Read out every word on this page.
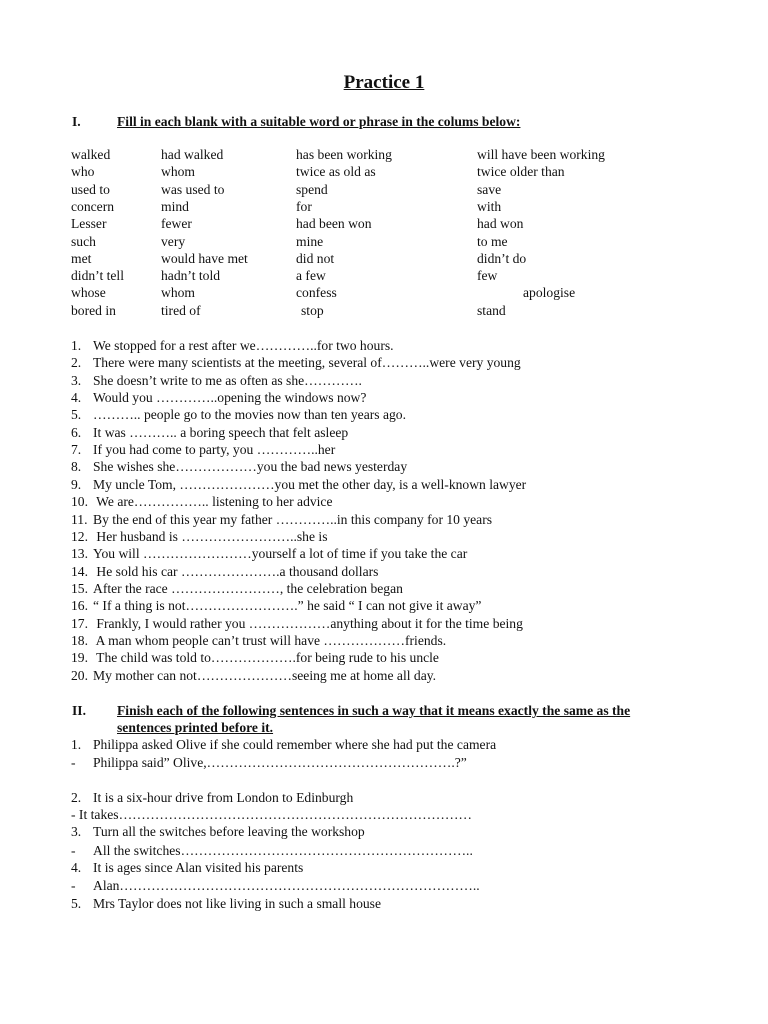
Practice 1
I.	Fill in each blank with a suitable word or phrase in the colums below:
walked	had walked	has been working	will have been working
who	whom	twice as old as	twice older than
used to	was used to	spend	save
concern	mind	for	with
Lesser	fewer	had been won	had won
such	very	mine	to me
met	would have met	did not	didn’t do
didn’t tell	hadn’t told	a few	few
whose	whom	confess	apologise
bored in	tired of	stop	stand
1. We stopped for a rest after we…………..for two hours.
2. There were many scientists at the meeting, several of………..were very young
3. She doesn’t write to me as often as she………….
4. Would you …………..opening the windows now?
5. ……….. people go to the movies now than ten years ago.
6. It was ……….. a boring speech that felt asleep
7. If you had come to party, you …………..her
8. She wishes she………………you the bad news yesterday
9. My uncle Tom, …………………you met the other day, is a well-known lawyer
10. We are…………….. listening to her advice
11. By the end of this year my father …………..in this company for 10 years
12. Her husband is ……………………..she is
13. You will ……………………yourself a lot of time if you take the car
14. He sold his car ………………….a thousand dollars
15. After the race ……………………, the celebration began
16. “ If a thing is not…………………….” he said “ I can not give it away”
17. Frankly, I would rather you ………………anything about it for the time being
18. A man whom people can’t trust will have ………………friends.
19. The child was told to……………….for being rude to his uncle
20. My mother can not…………………seeing me at home all day.
II. Finish each of the following sentences in such a way that it means exactly the same as the
sentences printed before it.
1. Philippa asked Olive if she could remember where she had put the camera
- Philippa said” Olive,……………………………………………….?”
2. It is a six-hour drive from London to Edinburgh
- It takes……………………………………………………………………
3. Turn all the switches before leaving the workshop
- All the switches………………………………………………………..
4. It is ages since Alan visited his parents
- Alan……………………………………………………………………..
5. Mrs Taylor does not like living in such a small house
